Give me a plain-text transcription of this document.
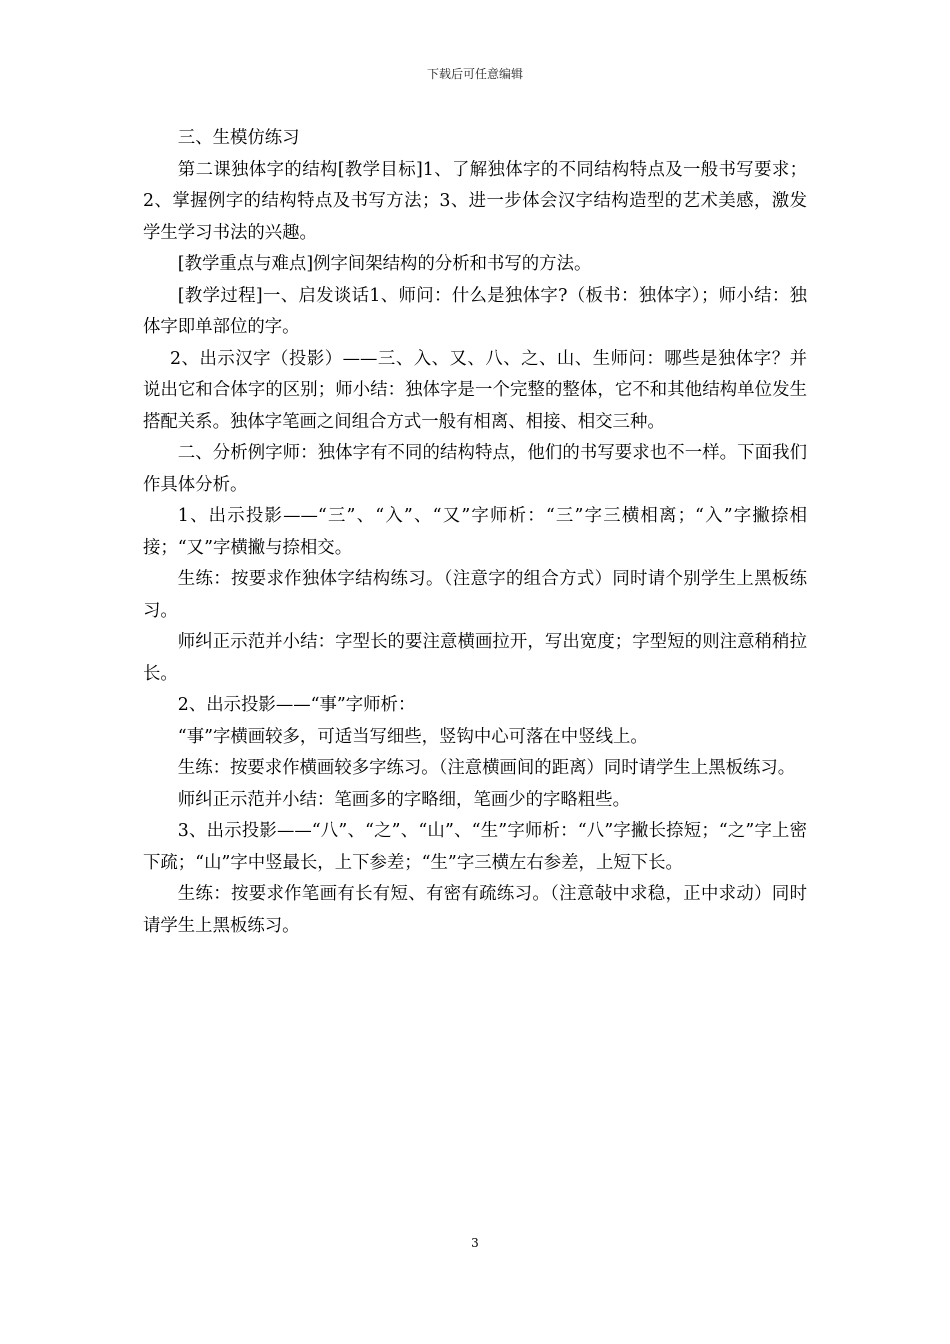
下载后可任意编辑

三、生模仿练习

第二课独体字的结构[教学目标]1、了解独体字的不同结构特点及一般书写要求；2、掌握例字的结构特点及书写方法；3、进一步体会汉字结构造型的艺术美感，激发学生学习书法的兴趣。

[教学重点与难点]例字间架结构的分析和书写的方法。

[教学过程]一、启发谈话1、师问：什么是独体字?（板书：独体字）；师小结：独体字即单部位的字。

2、出示汉字（投影）——三、入、又、八、之、山、生师问：哪些是独体字？并说出它和合体字的区别；师小结：独体字是一个完整的整体，它不和其他结构单位发生搭配关系。独体字笔画之间组合方式一般有相离、相接、相交三种。

二、分析例字师：独体字有不同的结构特点，他们的书写要求也不一样。下面我们作具体分析。

1、出示投影——“三”、“入”、“又”字师析：“三”字三横相离；“入”字撇捺相接；“又”字横撇与捺相交。

生练：按要求作独体字结构练习。（注意字的组合方式）同时请个别学生上黑板练习。

师纠正示范并小结：字型长的要注意横画拉开，写出宽度；字型短的则注意稍稍拉长。

2、出示投影——“事”字师析：

“事”字横画较多，可适当写细些，竖钩中心可落在中竖线上。

生练：按要求作横画较多字练习。（注意横画间的距离）同时请学生上黑板练习。

师纠正示范并小结：笔画多的字略细，笔画少的字略粗些。

3、出示投影——“八”、“之”、“山”、“生”字师析：“八”字撇长捺短；“之”字上密下疏；“山”字中竖最长，上下参差；“生”字三横左右参差，上短下长。

生练：按要求作笔画有长有短、有密有疏练习。（注意敧中求稳，正中求动）同时请学生上黑板练习。

3
